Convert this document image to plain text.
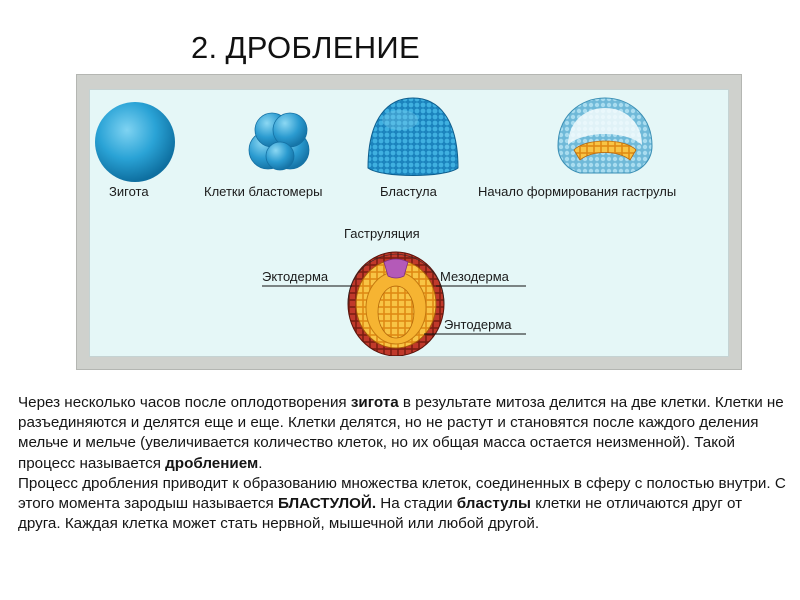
2. ДРОБЛЕНИЕ
Зигота	Клетки бластомеры	Бластула	Начало формирования гаструлы
Гаструляция
Эктодерма	Мезодерма
Энтодерма
Через несколько часов после оплодотворения зигота в результате митоза делится на две клетки. Клетки не разъединяются и делятся еще и еще. Клетки делятся, но не растут и становятся после каждого деления мельче и мельче (увеличивается количество клеток, но их общая масса остается неизменной). Такой процесс называется дроблением.
Процесс дробления приводит к образованию множества клеток, соединенных в сферу с полостью внутри. С этого момента зародыш называется БЛАСТУЛОЙ. На стадии бластулы клетки не отличаются друг от друга. Каждая клетка может стать нервной, мышечной или любой другой.
